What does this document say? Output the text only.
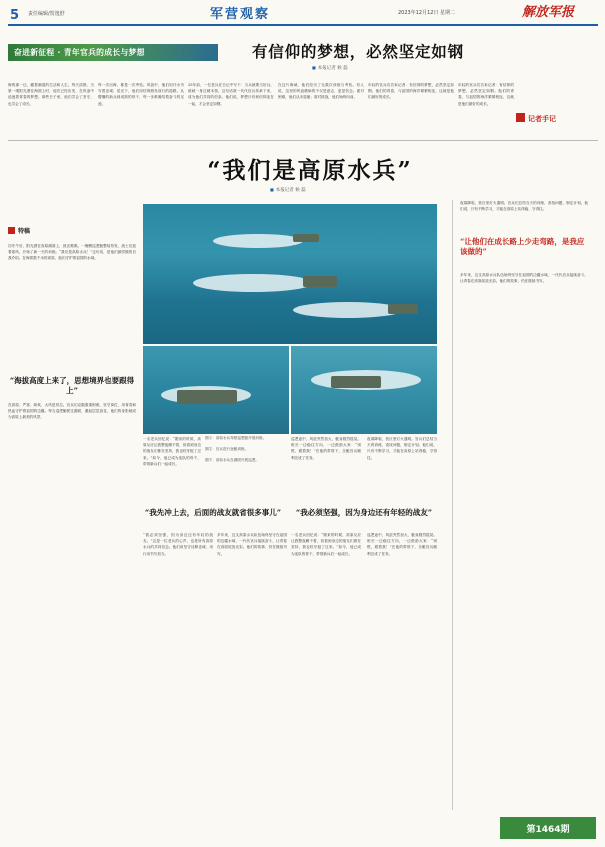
5 责任编辑/贺逸舒	军营观察	2023年12月12日 星期二	解放军报
奋进新征程 · 青年官兵的成长与梦想	有信仰的梦想，必然坚定如钢
■ 本报记者 候 磊
海的那一边，藏着潮湿的生活和人生。每天清晨，当第一缕阳光洒在海面上时，他们已经出发，在风浪中追逐着青春的梦想。那些日子里，他们学会了坚守，也学会了成长。
每一次出海，都是一次考验。风浪中，他们用汗水书写着忠诚；星光下，他们用信仰照亮前行的道路。从懵懂的新兵到成熟的骨干，每一步都凝结着奋斗的足迹。
25年前，一位老兵在日记中写下：当兵就要当好兵，练就一身过硬本领。这句话被一代代官兵传承下来，成为他们共同的信条。他们说，梦想只有和信仰连在一起，才会坚定如钢。
在这片海域，他们经历了无数次训练与考验。有人说，这里的风浪磨砺的不仅是意志，更是信念。面对困难，他们从未退缩；面对挑战，他们始终向前。
年轻的官兵们告诉记者：有信仰的梦想，必然坚定如钢。他们的青春，与祖国的海洋紧紧相连，这就是他们最好的成长。
记者手记
年轻的官兵们告诉记者：有信仰的梦想，必然坚定如钢。他们的青春，与祖国的海洋紧紧相连，这就是他们最好的成长。
“我们是高原水兵”
■ 本报记者 候 磊
特稿
初冬午后，阳光洒在高原湖面上，波光粼粼。一艘艘巡逻艇整装待发，战士们迎着寒风，开始了新一天的训练。“我们是高原水兵！”这句话，是他们最骄傲的自我介绍。在海拔数千米的高原，他们守护着祖国的水域。
“海拔高度上来了，思想境界也要跟得上”
在高原，严寒、缺氧、大风是常态。官兵们克服重重困难，坚守岗位，用青春和热血守护着祖国的边疆。每当巡逻艇驶过湖面，激起层层浪花，他们的身影就成为高原上最美的风景。
图①：高原水兵驾驶巡逻艇开展训练。
图②：官兵进行登艇训练。
图③：高原水兵在湖面开展巡逻。
一名老兵回忆说：“刚来的时候，高原反应让我整夜睡不着，但看到身边的战友们都在坚持，我也咬牙挺了过来。”如今，他已成为连队的骨干，带领新兵们一起成长。
巡逻途中，风浪突然加大，艇身剧烈摇晃。班长一边稳住方向，一边鼓励大家：“别慌，跟着我！”在他的带领下，全艇官兵顺利完成了任务。
夜幕降临，营区里灯火通明。官兵们总结当天的训练，查找问题，制定计划。他们说，只有不断学习，才能在高原上站得稳、守得住。
“我先冲上去，后面的战友就省很多事儿”	“我必须坚强，因为身边还有年轻的战友”
“我必须坚强，因为身边还有年轻的战友。”这是一位老兵的心声，也是所有高原水兵的共同信念。他们用坚守诠释忠诚，用行动书写担当。
多年来，这支高原水兵队伍始终坚守在祖国的边疆水域，一代代官兵接续奋斗，让青春在高原绽放光彩。他们的故事，仍在继续书写。
一名老兵回忆说：“刚来的时候，高原反应让我整夜睡不着，但看到身边的战友们都在坚持，我也咬牙挺了过来。”如今，他已成为连队的骨干，带领新兵们一起成长。
巡逻途中，风浪突然加大，艇身剧烈摇晃。班长一边稳住方向，一边鼓励大家：“别慌，跟着我！”在他的带领下，全艇官兵顺利完成了任务。
夜幕降临，营区里灯火通明。官兵们总结当天的训练，查找问题，制定计划。他们说，只有不断学习，才能在高原上站得稳、守得住。
“让他们在成长路上少走弯路，是我应该做的”
多年来，这支高原水兵队伍始终坚守在祖国的边疆水域，一代代官兵接续奋斗，让青春在高原绽放光彩。他们的故事，仍在继续书写。
第1464期
